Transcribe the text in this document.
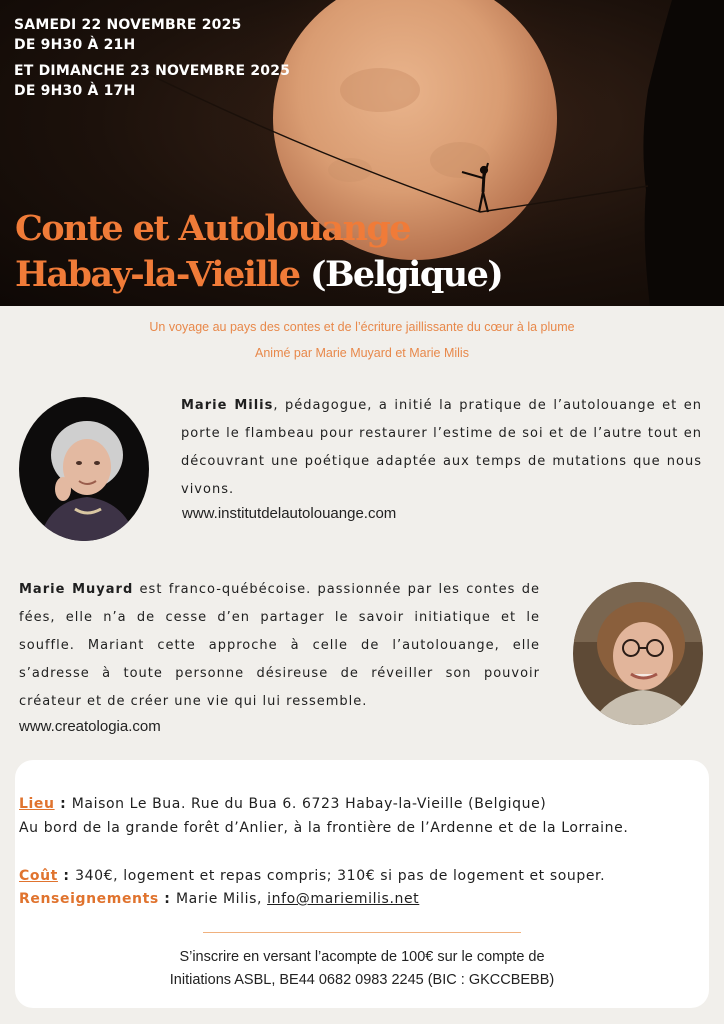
SAMEDI 22 NOVEMBRE 2025
DE 9H30 À 21H
ET DIMANCHE 23 NOVEMBRE 2025
DE 9H30 À 17H
Conte et Autolouange
Habay-la-Vieille (Belgique)
Un voyage au pays des contes et de l’écriture jaillissante du cœur à la plume
Animé par Marie Muyard et Marie Milis
Marie Milis, pédagogue, a initié la pratique de l’autolouange et en porte le flambeau pour restaurer l’estime de soi et de l’autre tout en découvrant une poétique adaptée aux temps de mutations que nous vivons.
www.institutdelautolouange.com
Marie Muyard est franco-québécoise. passionnée par les contes de fées, elle n’a de cesse d’en partager le savoir initiatique et le souffle. Mariant cette approche à celle de l’autolouange, elle s’adresse à toute personne désireuse de réveiller son pouvoir créateur et de créer une vie qui lui ressemble.
www.creatologia.com
Lieu : Maison Le Bua. Rue du Bua 6. 6723 Habay-la-Vieille (Belgique)
Au bord de la grande forêt d’Anlier, à la frontière de l’Ardenne et de la Lorraine.
Coût : 340€, logement et repas compris; 310€ si pas de logement et souper.
Renseignements : Marie Milis, info@mariemilis.net
S’inscrire en versant l’acompte de 100€ sur le compte de
Initiations ASBL, BE44 0682 0983 2245 (BIC : GKCCBEBB)
